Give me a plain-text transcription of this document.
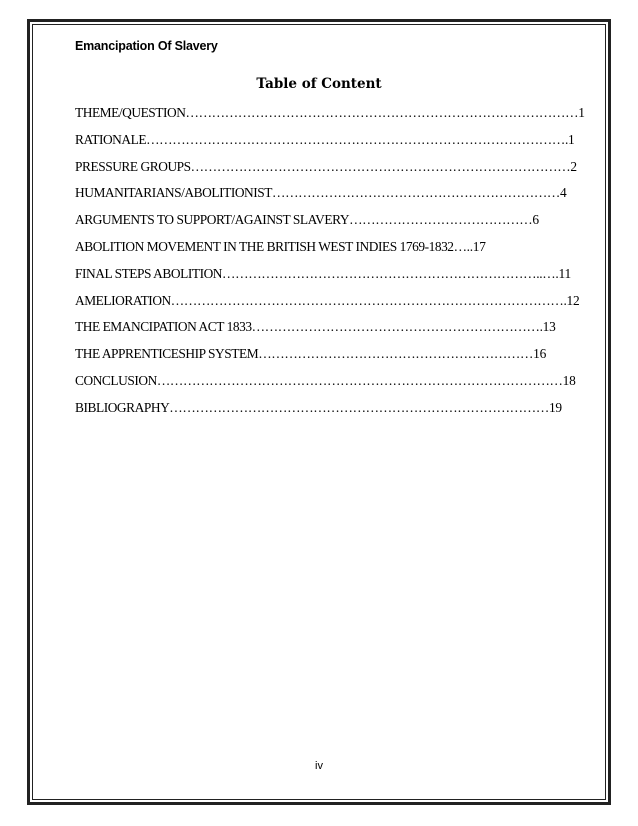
Emancipation Of Slavery
Table of Content
THEME/QUESTION………………………………………………………………………………1
RATIONALE…………………………………………………………………………………….1
PRESSURE GROUPS……………………………………………………………………………2
HUMANITARIANS/ABOLITIONIST…………………………………………………………4
ARGUMENTS TO SUPPORT/AGAINST SLAVERY……………………………………6
ABOLITION MOVEMENT IN THE BRITISH WEST INDIES 1769-1832…..17
FINAL STEPS ABOLITION………………………………………………………………..….11
AMELIORATION……………………………………………………………………………….12
THE EMANCIPATION ACT 1833………………………………………………………….13
THE APPRENTICESHIP SYSTEM………………………………………………………16
CONCLUSION…………………………………………………………………………………18
BIBLIOGRAPHY……………………………………………………………………………19
iv
